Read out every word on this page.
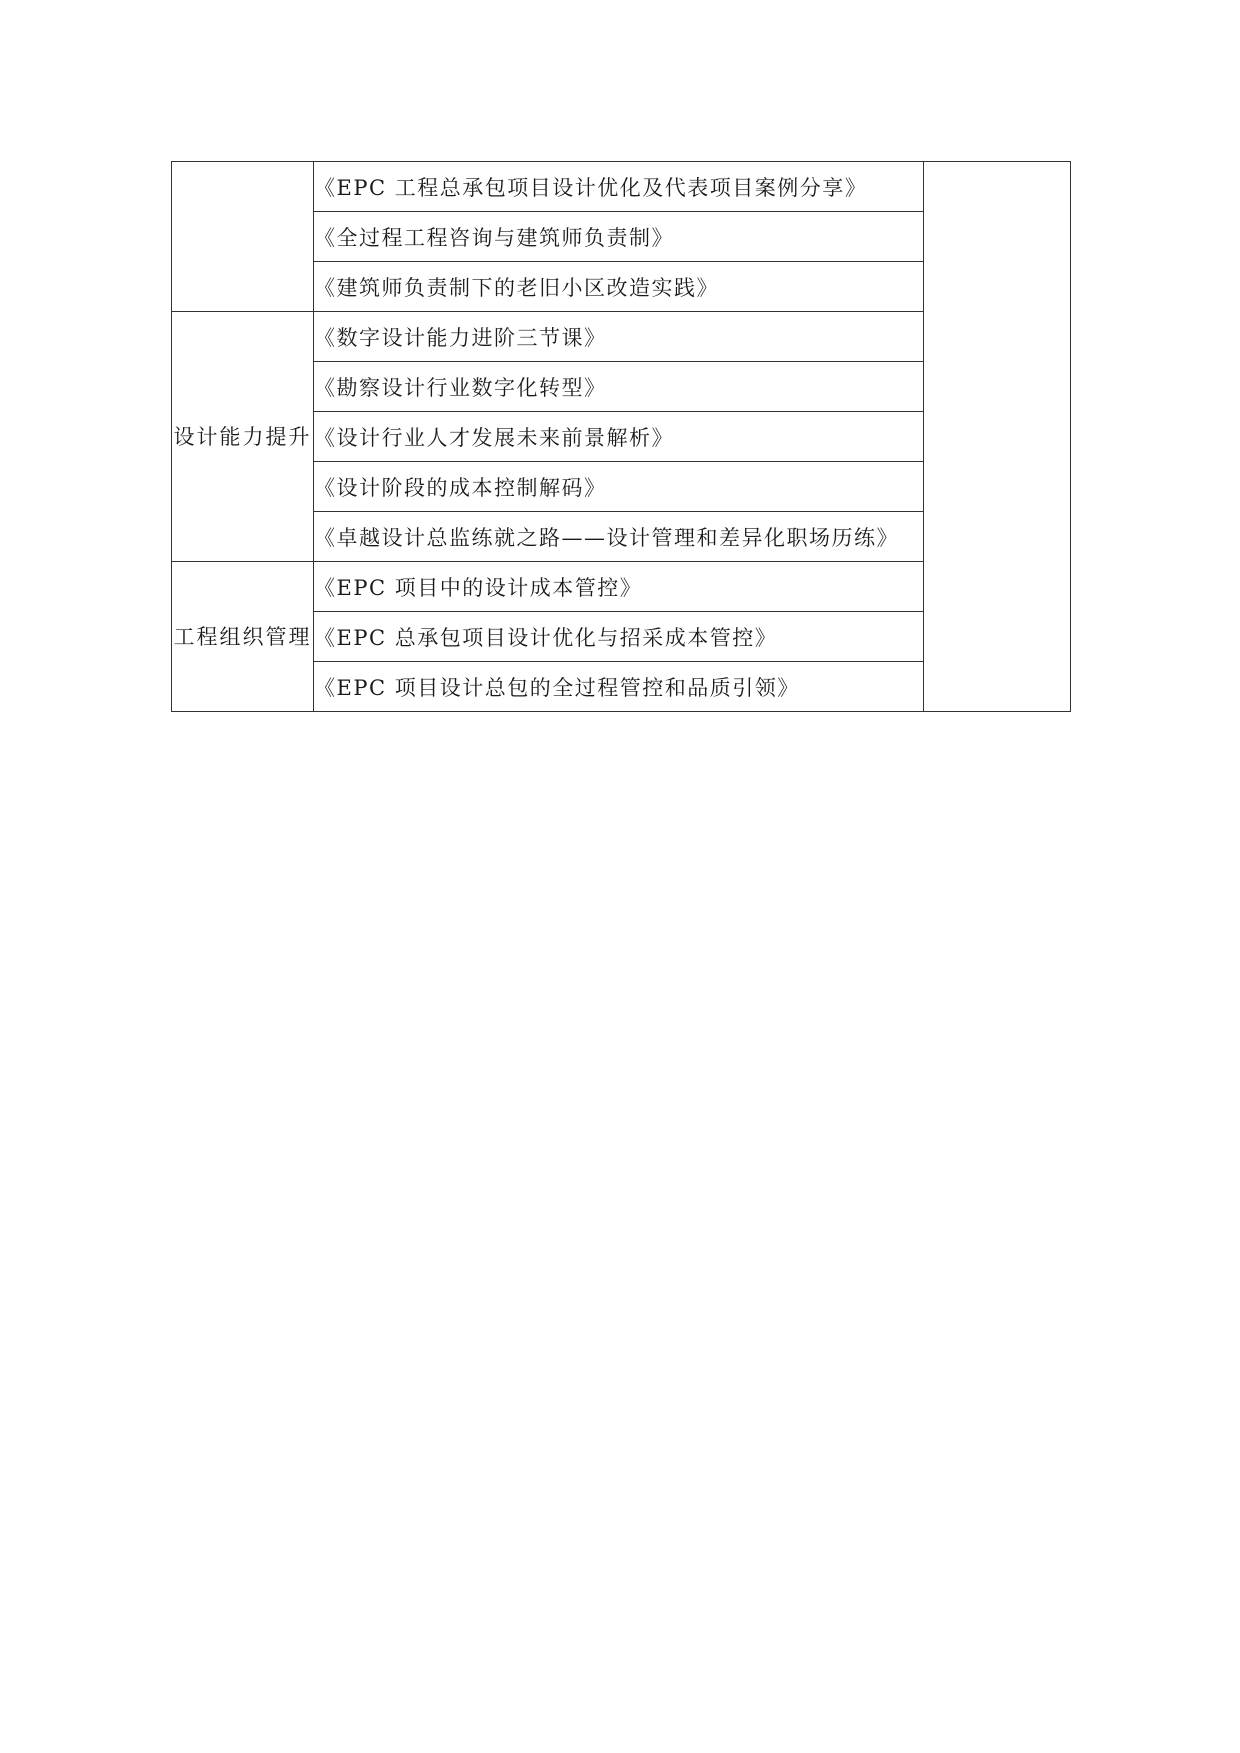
	《EPC 工程总承包项目设计优化及代表项目案例分享》	
	《全过程工程咨询与建筑师负责制》	
	《建筑师负责制下的老旧小区改造实践》	
设计能力提升	《数字设计能力进阶三节课》	
	《勘察设计行业数字化转型》	
	《设计行业人才发展未来前景解析》	
	《设计阶段的成本控制解码》	
	《卓越设计总监练就之路——设计管理和差异化职场历练》	
工程组织管理	《EPC 项目中的设计成本管控》	
	《EPC 总承包项目设计优化与招采成本管控》	
	《EPC 项目设计总包的全过程管控和品质引领》	
